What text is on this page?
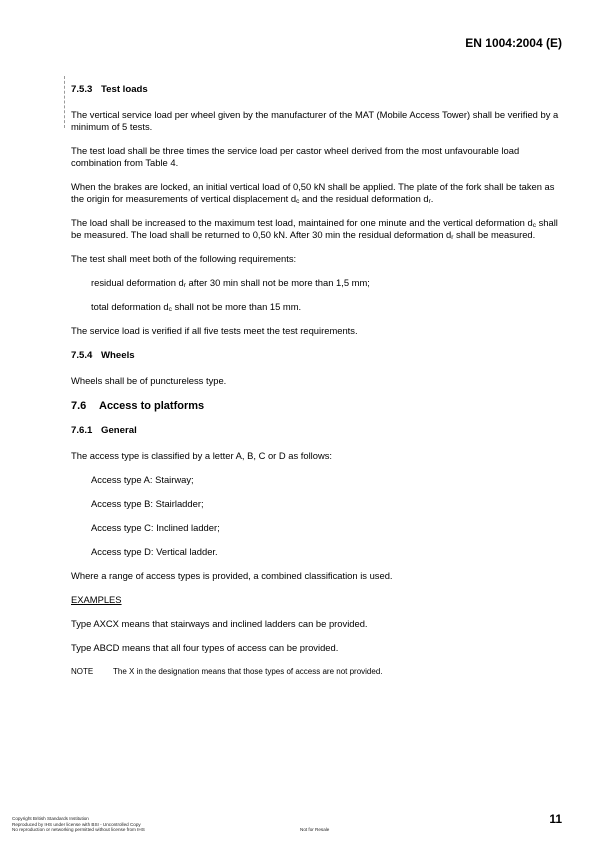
EN 1004:2004 (E)
7.5.3 Test loads

The vertical service load per wheel given by the manufacturer of the MAT (Mobile Access Tower) shall be verified by a minimum of 5 tests.

The test load shall be three times the service load per castor wheel derived from the most unfavourable load combination from Table 4.

When the brakes are locked, an initial vertical load of 0,50 kN shall be applied. The plate of the fork shall be taken as the origin for measurements of vertical displacement $d_c$ and the residual deformation $d_r$.

The load shall be increased to the maximum test load, maintained for one minute and the vertical deformation $d_c$ shall be measured. The load shall be returned to 0,50 kN. After 30 min the residual deformation $d_r$ shall be measured.

The test shall meet both of the following requirements:

residual deformation $d_r$ after 30 min shall not be more than 1,5 mm;

total deformation $d_c$ shall not be more than 15 mm.

The service load is verified if all five tests meet the test requirements.

7.5.4 Wheels

Wheels shall be of punctureless type.

7.6 Access to platforms
7.6.1 General

The access type is classified by a letter A, B, C or D as follows:

Access type A: Stairway;

Access type B: Stairladder;

Access type C: Inclined ladder;

Access type D: Vertical ladder.

Where a range of access types is provided, a combined classification is used.

EXAMPLES

Type AXCX means that stairways and inclined ladders can be provided.

Type ABCD means that all four types of access can be provided.

NOTE The X in the designation means that those types of access are not provided.
11
Copyright British Standards Institution
Reproduced by IHS under license with BSI - Uncontrolled Copy
No reproduction or networking permitted without license from IHS	Not for Resale
